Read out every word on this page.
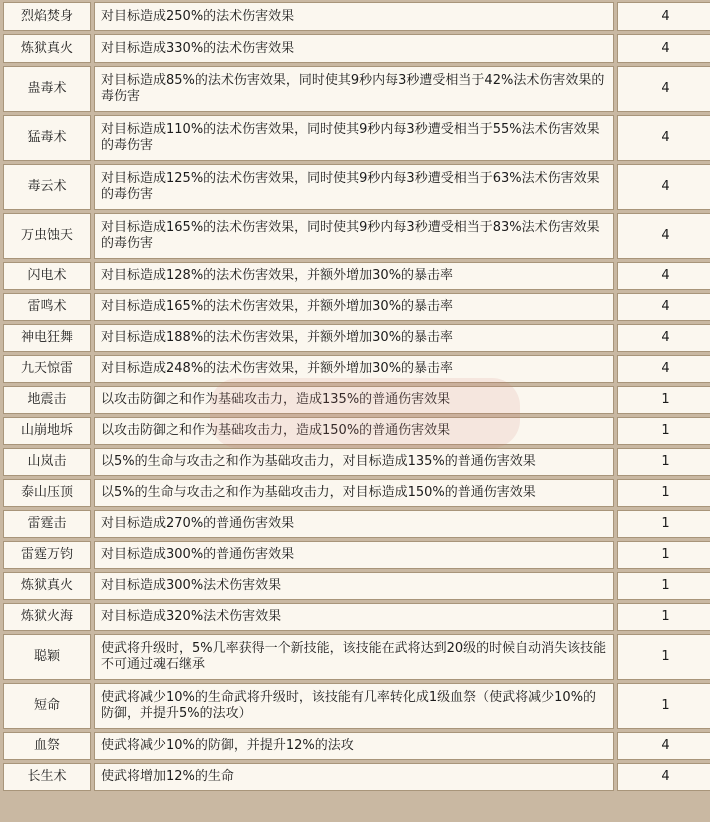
烈焰焚身	对目标造成250%的法术伤害效果	4
炼狱真火	对目标造成330%的法术伤害效果	4
蛊毒术	对目标造成85%的法术伤害效果，同时使其9秒内每3秒遭受相当于42%法术伤害效果的毒伤害	4
猛毒术	对目标造成110%的法术伤害效果，同时使其9秒内每3秒遭受相当于55%法术伤害效果的毒伤害	4
毒云术	对目标造成125%的法术伤害效果，同时使其9秒内每3秒遭受相当于63%法术伤害效果的毒伤害	4
万虫蚀天	对目标造成165%的法术伤害效果，同时使其9秒内每3秒遭受相当于83%法术伤害效果的毒伤害	4
闪电术	对目标造成128%的法术伤害效果，并额外增加30%的暴击率	4
雷鸣术	对目标造成165%的法术伤害效果，并额外增加30%的暴击率	4
神电狂舞	对目标造成188%的法术伤害效果，并额外增加30%的暴击率	4
九天惊雷	对目标造成248%的法术伤害效果，并额外增加30%的暴击率	4
地震击	以攻击防御之和作为基础攻击力，造成135%的普通伤害效果	1
山崩地坼	以攻击防御之和作为基础攻击力，造成150%的普通伤害效果	1
山岚击	以5%的生命与攻击之和作为基础攻击力，对目标造成135%的普通伤害效果	1
泰山压顶	以5%的生命与攻击之和作为基础攻击力，对目标造成150%的普通伤害效果	1
雷霆击	对目标造成270%的普通伤害效果	1
雷霆万钧	对目标造成300%的普通伤害效果	1
炼狱真火	对目标造成300%法术伤害效果	1
炼狱火海	对目标造成320%法术伤害效果	1
聪颖	使武将升级时，5%几率获得一个新技能，该技能在武将达到20级的时候自动消失该技能不可通过魂石继承	1
短命	使武将减少10%的生命武将升级时，该技能有几率转化成1级血祭（使武将减少10%的防御，并提升5%的法攻）	1
血祭	使武将减少10%的防御，并提升12%的法攻	4
长生术	使武将增加12%的生命	4
